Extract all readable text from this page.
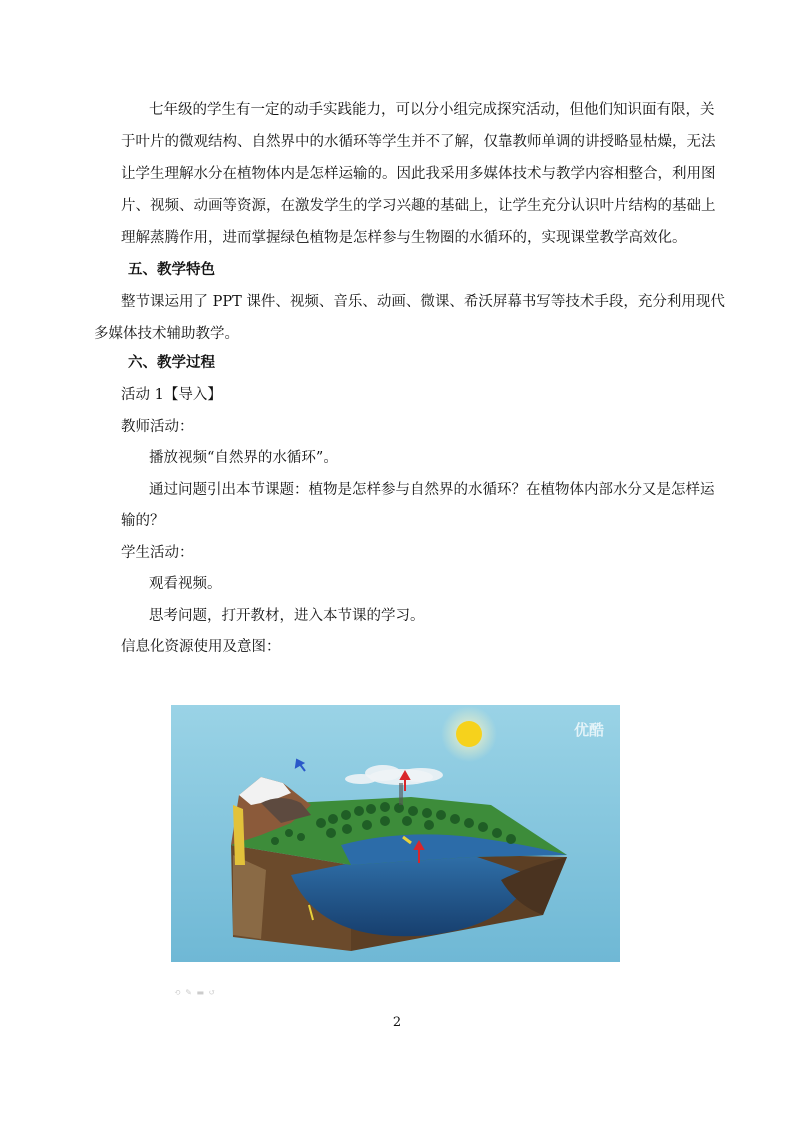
七年级的学生有一定的动手实践能力，可以分小组完成探究活动，但他们知识面有限，关
于叶片的微观结构、自然界中的水循环等学生并不了解，仅靠教师单调的讲授略显枯燥，无法
让学生理解水分在植物体内是怎样运输的。因此我采用多媒体技术与教学内容相整合，利用图
片、视频、动画等资源，在激发学生的学习兴趣的基础上，让学生充分认识叶片结构的基础上
理解蒸腾作用，进而掌握绿色植物是怎样参与生物圈的水循环的，实现课堂教学高效化。
五、教学特色
整节课运用了 PPT 课件、视频、音乐、动画、微课、希沃屏幕书写等技术手段，充分利用现代
多媒体技术辅助教学。
六、教学过程
活动 1【导入】
教师活动：
播放视频“自然界的水循环”。
通过问题引出本节课题：植物是怎样参与自然界的水循环？在植物体内部水分又是怎样运
输的？
学生活动：
观看视频。
思考问题，打开教材，进入本节课的学习。
信息化资源使用及意图：
优酷
⟲ ✎ ▬ ↺
2
